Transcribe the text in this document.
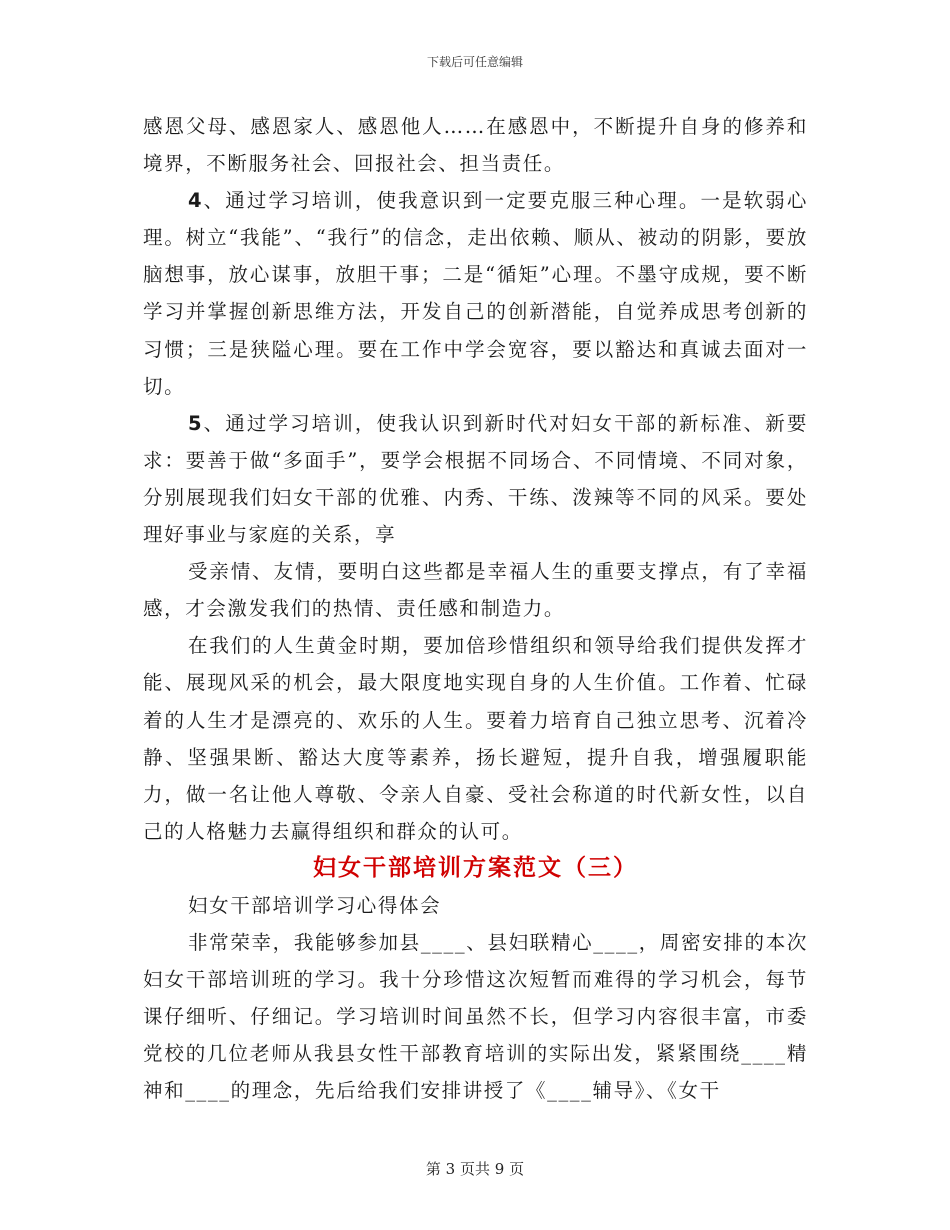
下载后可任意编辑

感恩父母、感恩家人、感恩他人……在感恩中，不断提升自身的修养和境界，不断服务社会、回报社会、担当责任。

4、通过学习培训，使我意识到一定要克服三种心理。一是软弱心理。树立“我能”、“我行”的信念，走出依赖、顺从、被动的阴影，要放脑想事，放心谋事，放胆干事；二是“循矩”心理。不墨守成规，要不断学习并掌握创新思维方法，开发自己的创新潜能，自觉养成思考创新的习惯；三是狭隘心理。要在工作中学会宽容，要以豁达和真诚去面对一切。

5、通过学习培训，使我认识到新时代对妇女干部的新标准、新要求：要善于做“多面手”，要学会根据不同场合、不同情境、不同对象，分别展现我们妇女干部的优雅、内秀、干练、泼辣等不同的风采。要处理好事业与家庭的关系，享

受亲情、友情，要明白这些都是幸福人生的重要支撑点，有了幸福感，才会激发我们的热情、责任感和制造力。

在我们的人生黄金时期，要加倍珍惜组织和领导给我们提供发挥才能、展现风采的机会，最大限度地实现自身的人生价值。工作着、忙碌着的人生才是漂亮的、欢乐的人生。要着力培育自己独立思考、沉着冷静、坚强果断、豁达大度等素养，扬长避短，提升自我，增强履职能力，做一名让他人尊敬、令亲人自豪、受社会称道的时代新女性，以自己的人格魅力去赢得组织和群众的认可。

妇女干部培训方案范文（三）

妇女干部培训学习心得体会

非常荣幸，我能够参加县____、县妇联精心____，周密安排的本次妇女干部培训班的学习。我十分珍惜这次短暂而难得的学习机会，每节课仔细听、仔细记。学习培训时间虽然不长，但学习内容很丰富，市委党校的几位老师从我县女性干部教育培训的实际出发，紧紧围绕____精神和____的理念，先后给我们安排讲授了《____辅导》、《女干

第 3 页共 9 页
